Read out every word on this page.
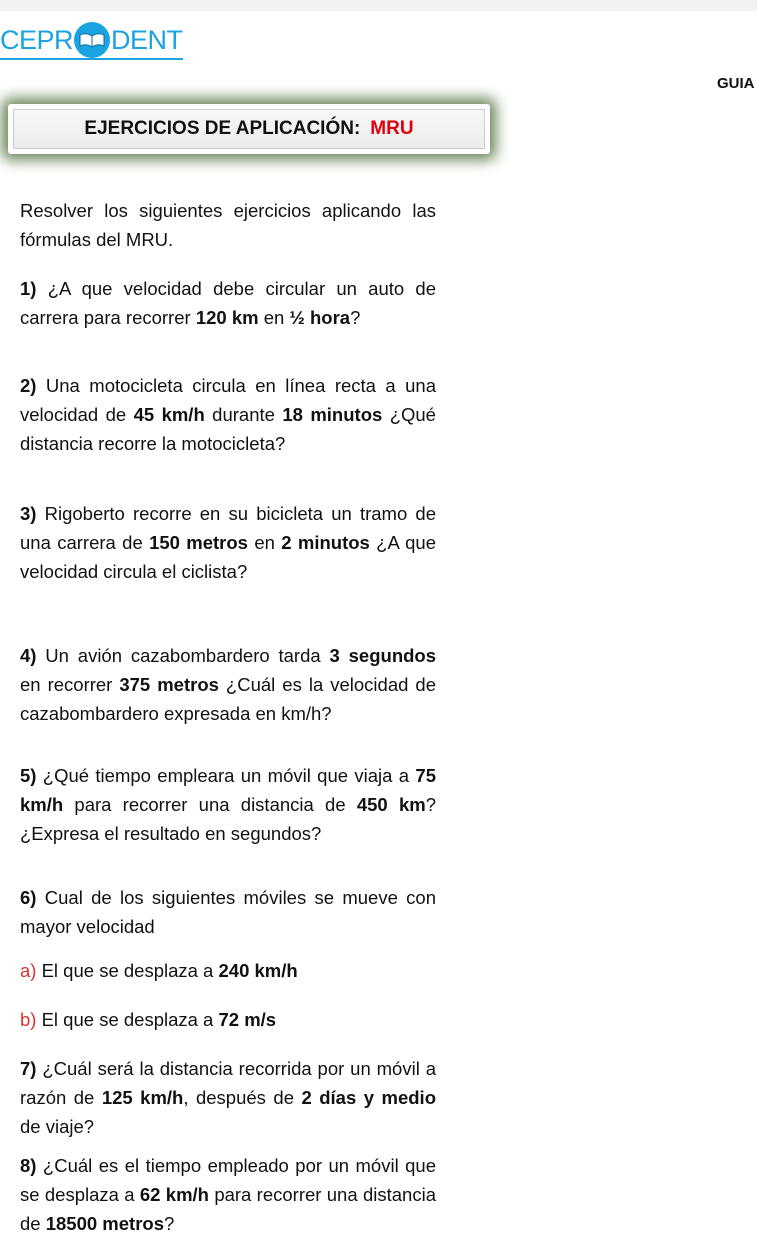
CEPR DENT
GUIA
EJERCICIOS DE APLICACIÓN: MRU
Resolver los siguientes ejercicios aplicando las fórmulas del MRU.
1) ¿A que velocidad debe circular un auto de carrera para recorrer 120 km en ½ hora?
2) Una motocicleta circula en línea recta a una velocidad de 45 km/h durante 18 minutos ¿Qué distancia recorre la motocicleta?
3) Rigoberto recorre en su bicicleta un tramo de una carrera de 150 metros en 2 minutos ¿A que velocidad circula el ciclista?
4) Un avión cazabombardero tarda 3 segundos en recorrer 375 metros ¿Cuál es la velocidad de cazabombardero expresada en km/h?
5) ¿Qué tiempo empleara un móvil que viaja a 75 km/h para recorrer una distancia de 450 km? ¿Expresa el resultado en segundos?
6) Cual de los siguientes móviles se mueve con mayor velocidad
a) El que se desplaza a 240 km/h
b) El que se desplaza a 72 m/s
7) ¿Cuál será la distancia recorrida por un móvil a razón de 125 km/h, después de 2 días y medio de viaje?
8) ¿Cuál es el tiempo empleado por un móvil que se desplaza a 62 km/h para recorrer una distancia de 18500 metros?
